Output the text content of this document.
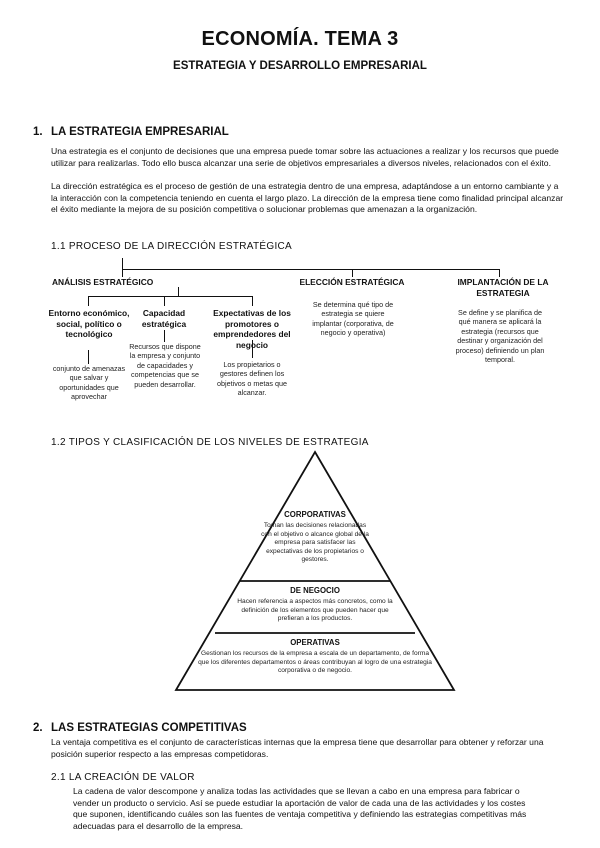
ECONOMÍA. TEMA 3
ESTRATEGIA Y DESARROLLO EMPRESARIAL
1. LA ESTRATEGIA EMPRESARIAL
Una estrategia es el conjunto de decisiones que una empresa puede tomar sobre las actuaciones a realizar y los recursos que puede utilizar para realizarlas. Todo ello busca alcanzar una serie de objetivos empresariales a diversos niveles, relacionados con el éxito.
La dirección estratégica es el proceso de gestión de una estrategia dentro de una empresa, adaptándose a un entorno cambiante y a la interacción con la competencia teniendo en cuenta el largo plazo. La dirección de la empresa tiene como finalidad principal alcanzar el éxito mediante la mejora de su posición competitiva o solucionar problemas que amenazan a la organización.
1.1 PROCESO DE LA DIRECCIÓN ESTRATÉGICA
ANÁLISIS ESTRATÉGICO	ELECCIÓN ESTRATÉGICA	IMPLANTACIÓN DE LA ESTRATEGIA
Entorno económico, social, político o tecnológico
conjunto de amenazas que salvar y oportunidades que aprovechar
Capacidad estratégica
Recursos que dispone la empresa y conjunto de capacidades y competencias que se pueden desarrollar.
Expectativas de los promotores o emprendedores del negocio
Los propietarios o gestores definen los objetivos o metas que alcanzar.
Se determina qué tipo de estrategia se quiere implantar (corporativa, de negocio y operativa)
Se define y se planifica de qué manera se aplicará la estrategia (recursos que destinar y organización del proceso) definiendo un plan temporal.
1.2 TIPOS Y CLASIFICACIÓN DE LOS NIVELES DE ESTRATEGIA
CORPORATIVAS
Toman las decisiones relacionadas con el objetivo o alcance global de la empresa para satisfacer las expectativas de los propietarios o gestores.
DE NEGOCIO
Hacen referencia a aspectos más concretos, como la definición de los elementos que pueden hacer que prefieran a los productos.
OPERATIVAS
Gestionan los recursos de la empresa a escala de un departamento, de forma que los diferentes departamentos o áreas contribuyan al logro de una estrategia corporativa o de negocio.
2. LAS ESTRATEGIAS COMPETITIVAS
La ventaja competitiva es el conjunto de características internas que la empresa tiene que desarrollar para obtener y reforzar una posición superior respecto a las empresas competidoras.
2.1 LA CREACIÓN DE VALOR
La cadena de valor descompone y analiza todas las actividades que se llevan a cabo en una empresa para fabricar o vender un producto o servicio. Así se puede estudiar la aportación de valor de cada una de las actividades y los costes que suponen, identificando cuáles son las fuentes de ventaja competitiva y definiendo las estrategias competitivas más adecuadas para el desarrollo de la empresa.
